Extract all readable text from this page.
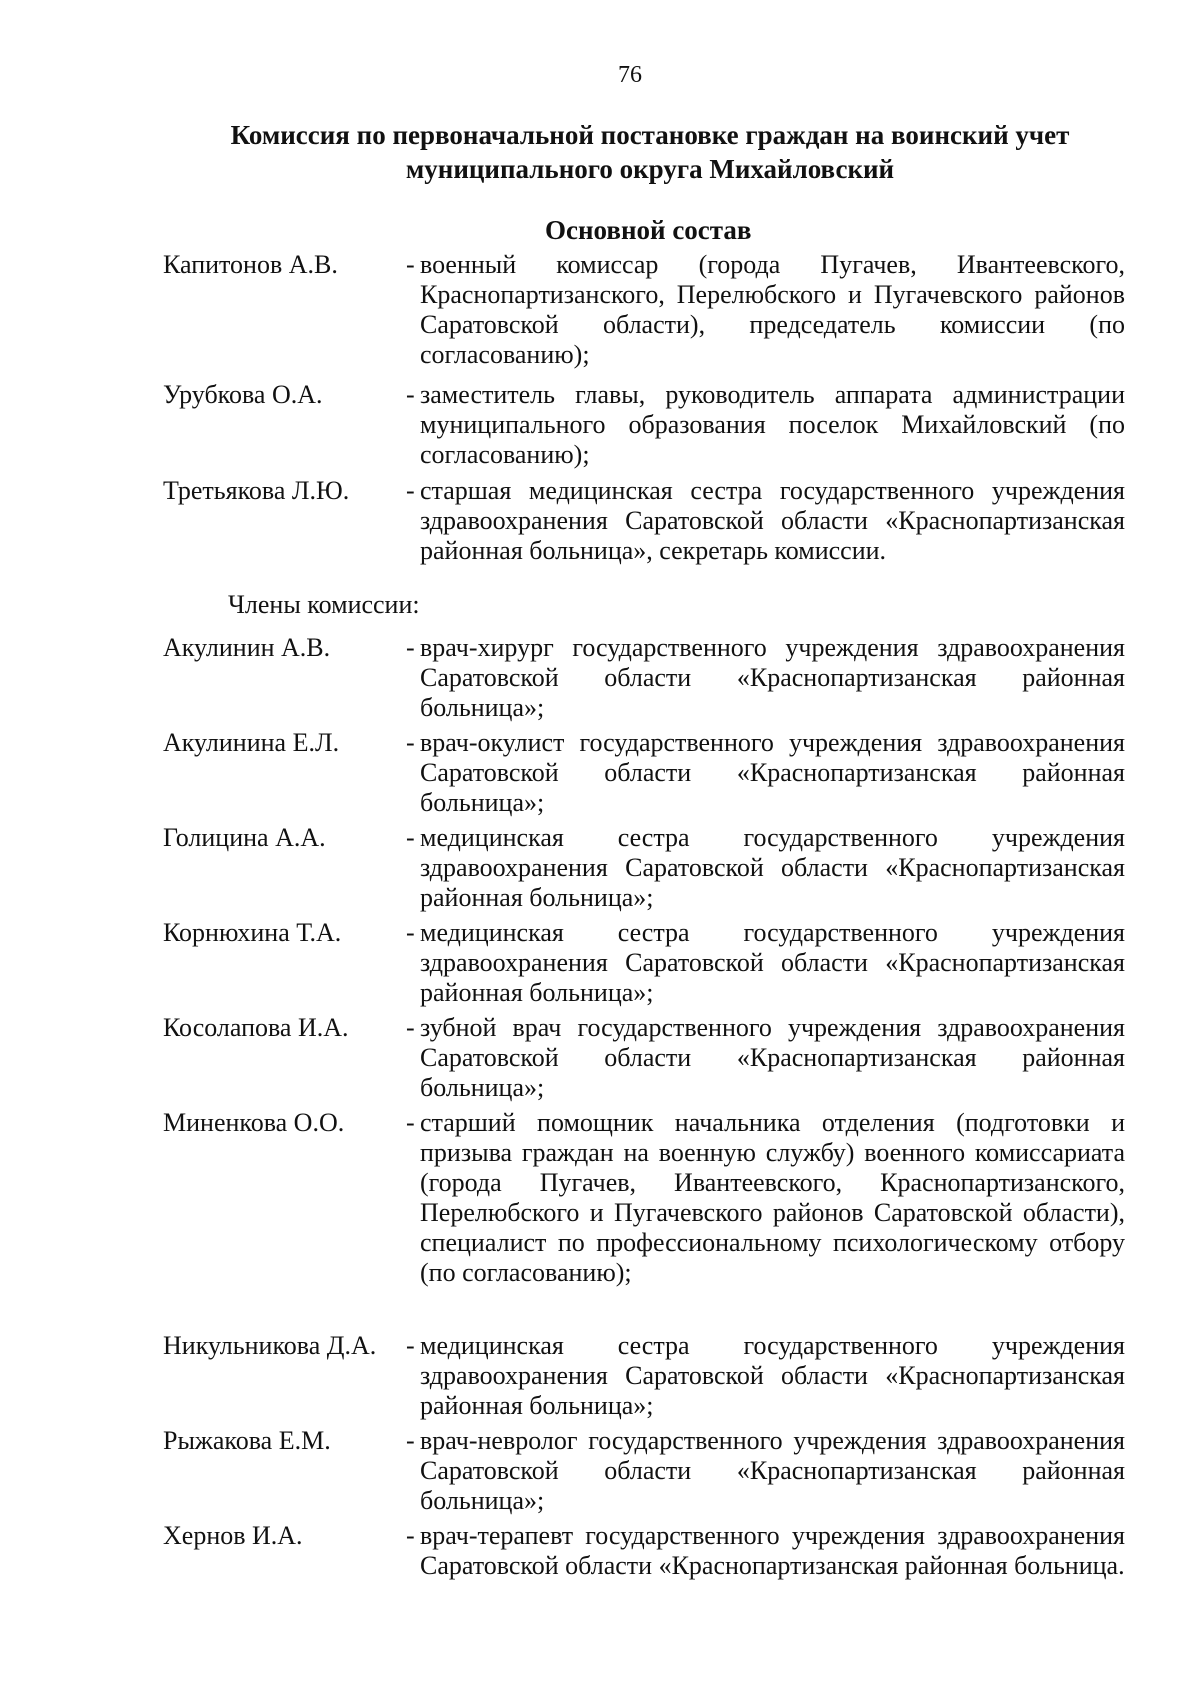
76
Комиссия по первоначальной постановке граждан на воинский учет
муниципального округа Михайловский
Основной состав
Капитонов А.В.	- военный комиссар (города Пугачев, Ивантеевского, Краснопартизанского, Перелюбского и Пугачевского районов Саратовской области), председатель комиссии (по согласованию);
Урубкова О.А.	- заместитель главы, руководитель аппарата администрации муниципального образования поселок Михайловский (по согласованию);
Третьякова Л.Ю. - старшая медицинская сестра государственного учреждения здравоохранения Саратовской области «Краснопартизанская районная больница», секретарь комиссии.
Члены комиссии:
Акулинин А.В.	- врач-хирург государственного учреждения здравоохранения Саратовской области «Краснопартизанская районная больница»;
Акулинина Е.Л.	- врач-окулист государственного учреждения здравоохранения Саратовской области «Краснопартизанская районная больница»;
Голицина А.А.	- медицинская сестра государственного учреждения здравоохранения Саратовской области «Краснопартизанская районная больница»;
Корнюхина Т.А. - медицинская сестра государственного учреждения здравоохранения Саратовской области «Краснопартизанская районная больница»;
Косолапова И.А. - зубной врач государственного учреждения здравоохранения Саратовской области «Краснопартизанская районная больница»;
Миненкова О.О. - старший помощник начальника отделения (подготовки и призыва граждан на военную службу) военного комиссариата (города Пугачев, Ивантеевского, Краснопартизанского, Перелюбского и Пугачевского районов Саратовской области), специалист по профессиональному психологическому отбору (по согласованию);
Никульникова Д.А. - медицинская сестра государственного учреждения здравоохранения Саратовской области «Краснопартизанская районная больница»;
Рыжакова Е.М.	- врач-невролог государственного учреждения здравоохранения Саратовской области «Краснопартизанская районная больница»;
Хернов И.А.	- врач-терапевт государственного учреждения здравоохранения Саратовской области «Краснопартизанская районная больница.
